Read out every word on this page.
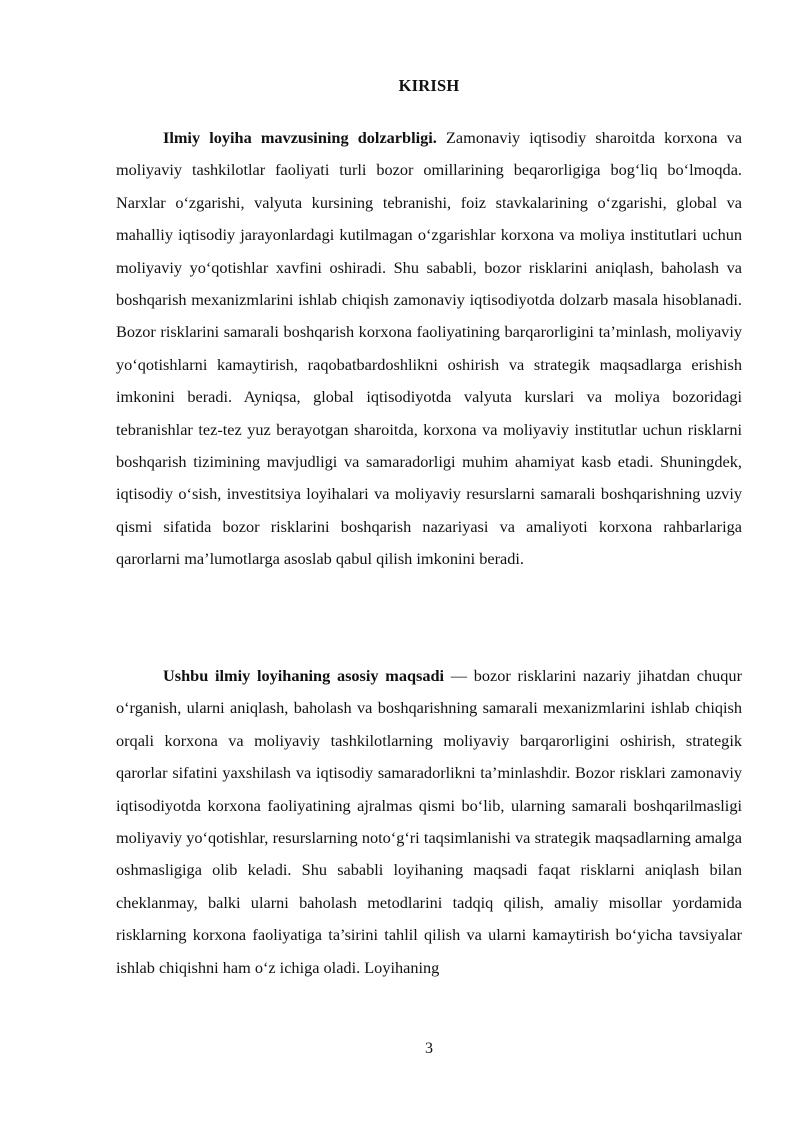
KIRISH

Ilmiy loyiha mavzusining dolzarbligi. Zamonaviy iqtisodiy sharoitda korxona va moliyaviy tashkilotlar faoliyati turli bozor omillarining beqarorligiga bog‘liq bo‘lmoqda. Narxlar o‘zgarishi, valyuta kursining tebranishi, foiz stavkalarining o‘zgarishi, global va mahalliy iqtisodiy jarayonlardagi kutilmagan o‘zgarishlar korxona va moliya institutlari uchun moliyaviy yo‘qotishlar xavfini oshiradi. Shu sababli, bozor risklarini aniqlash, baholash va boshqarish mexanizmlarini ishlab chiqish zamonaviy iqtisodiyotda dolzarb masala hisoblanadi. Bozor risklarini samarali boshqarish korxona faoliyatining barqarorligini ta’minlash, moliyaviy yo‘qotishlarni kamaytirish, raqobatbardoshlikni oshirish va strategik maqsadlarga erishish imkonini beradi. Ayniqsa, global iqtisodiyotda valyuta kurslari va moliya bozoridagi tebranishlar tez-tez yuz berayotgan sharoitda, korxona va moliyaviy institutlar uchun risklarni boshqarish tizimining mavjudligi va samaradorligi muhim ahamiyat kasb etadi. Shuningdek, iqtisodiy o‘sish, investitsiya loyihalari va moliyaviy resurslarni samarali boshqarishning uzviy qismi sifatida bozor risklarini boshqarish nazariyasi va amaliyoti korxona rahbarlariga qarorlarni ma’lumotlarga asoslab qabul qilish imkonini beradi.

Ushbu ilmiy loyihaning asosiy maqsadi — bozor risklarini nazariy jihatdan chuqur o‘rganish, ularni aniqlash, baholash va boshqarishning samarali mexanizmlarini ishlab chiqish orqali korxona va moliyaviy tashkilotlarning moliyaviy barqarorligini oshirish, strategik qarorlar sifatini yaxshilash va iqtisodiy samaradorlikni ta’minlashdir. Bozor risklari zamonaviy iqtisodiyotda korxona faoliyatining ajralmas qismi bo‘lib, ularning samarali boshqarilmasligi moliyaviy yo‘qotishlar, resurslarning noto‘g‘ri taqsimlanishi va strategik maqsadlarning amalga oshmasligiga olib keladi. Shu sababli loyihaning maqsadi faqat risklarni aniqlash bilan cheklanmay, balki ularni baholash metodlarini tadqiq qilish, amaliy misollar yordamida risklarning korxona faoliyatiga ta’sirini tahlil qilish va ularni kamaytirish bo‘yicha tavsiyalar ishlab chiqishni ham o‘z ichiga oladi. Loyihaning

3
